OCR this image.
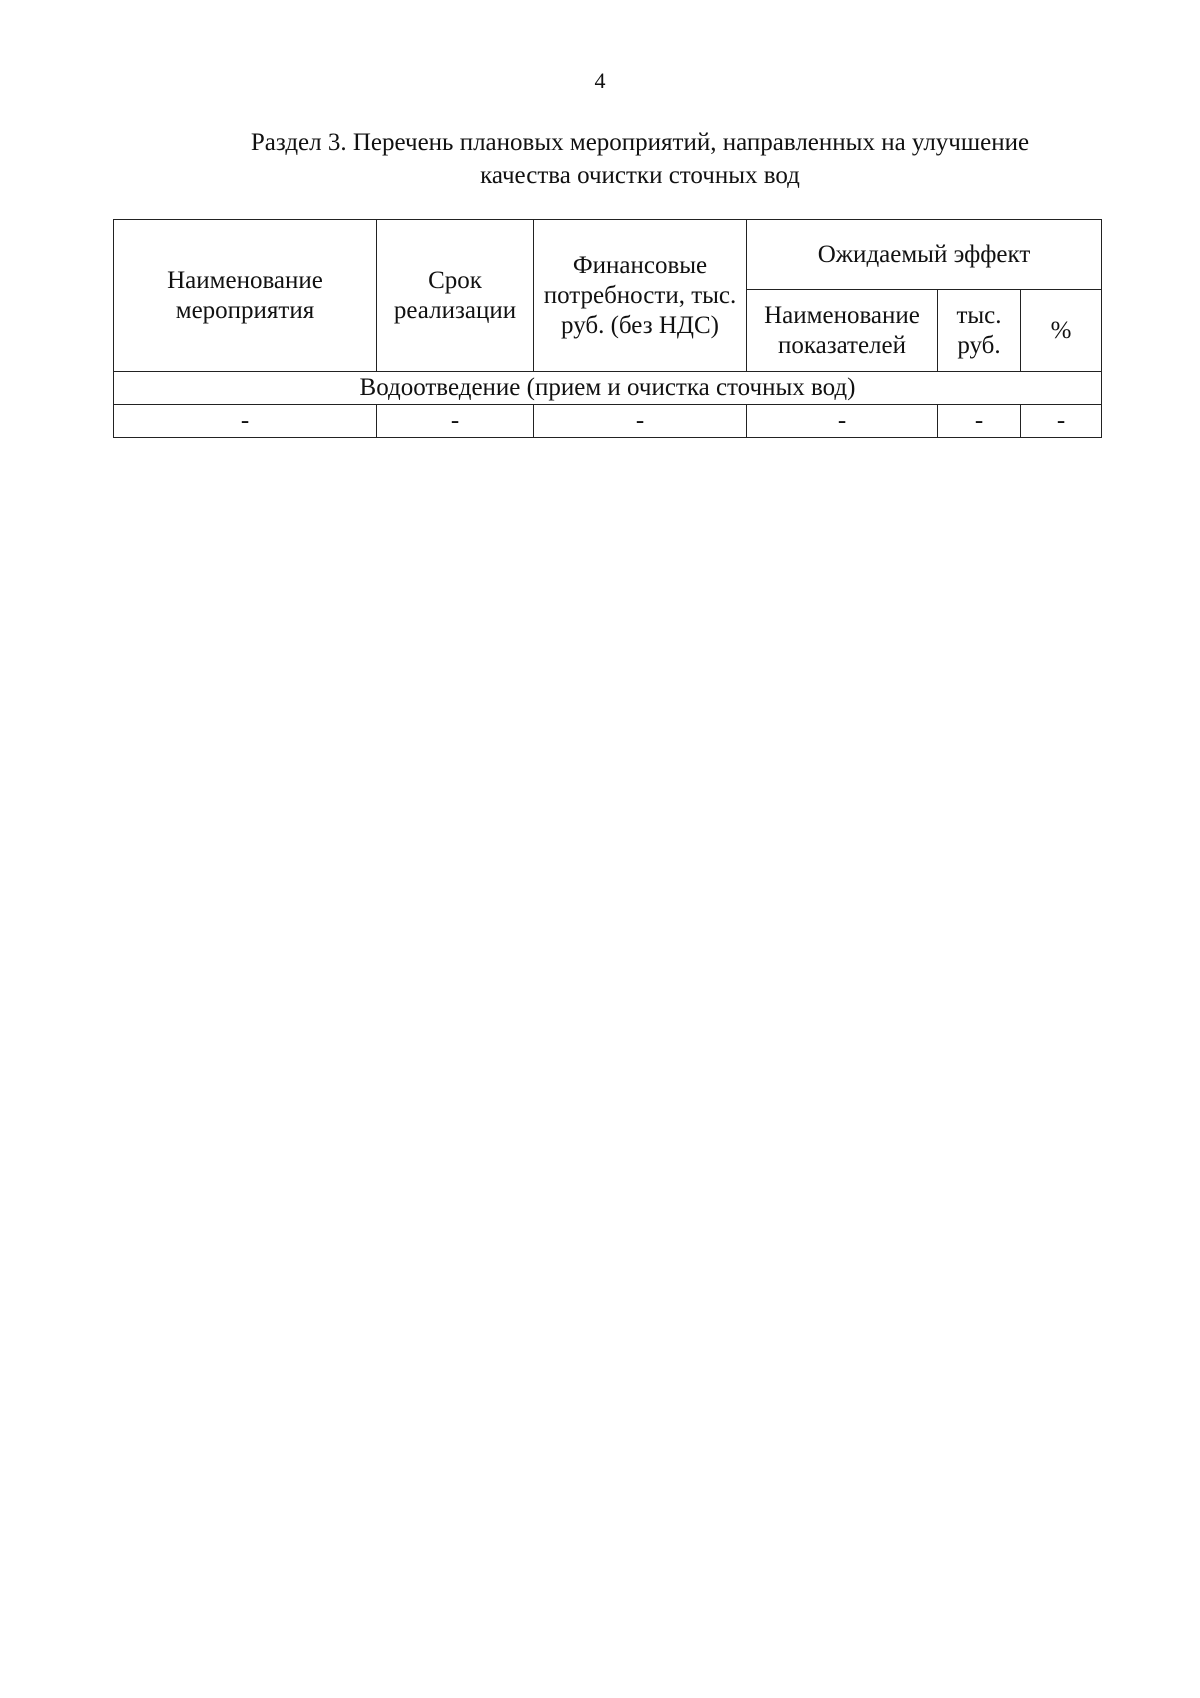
4
Раздел 3. Перечень плановых мероприятий, направленных на улучшение
качества очистки сточных вод
Наименование мероприятия	Срок реализации	Финансовые потребности, тыс. руб. (без НДС)	Ожидаемый эффект		
			Наименование показателей	тыс. руб.	%
Водоотведение (прием и очистка сточных вод)					
-	-	-	-	-	-
